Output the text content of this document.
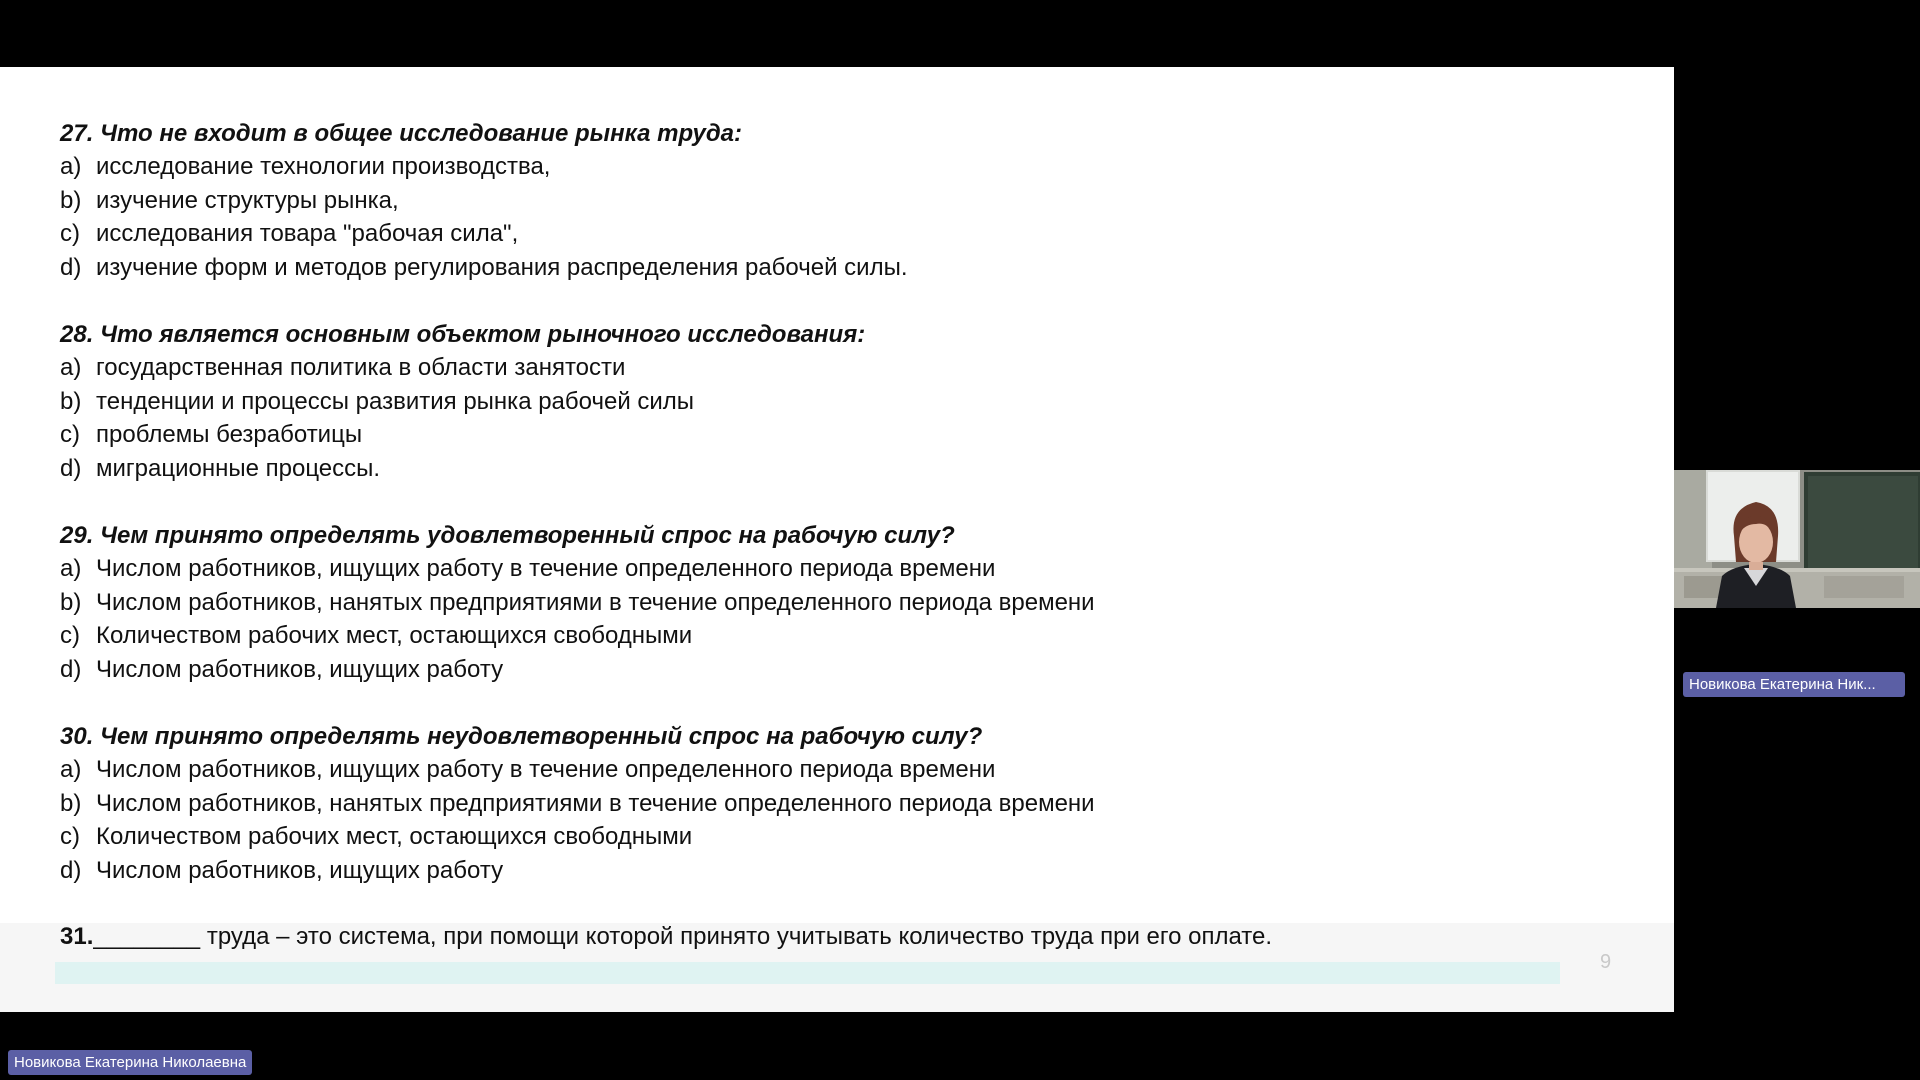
9
27. Что не входит в общее исследование рынка труда:
a) исследование технологии производства,
b) изучение структуры рынка,
c) исследования товара "рабочая сила",
d) изучение форм и методов регулирования распределения рабочей силы.
28. Что является основным объектом рыночного исследования:
a) государственная политика в области занятости
b) тенденции и процессы развития рынка рабочей силы
c) проблемы безработицы
d) миграционные процессы.
29. Чем принято определять удовлетворенный спрос на рабочую силу?
a) Числом работников, ищущих работу в течение определенного периода времени
b) Числом работников, нанятых предприятиями в течение определенного периода времени
c) Количеством рабочих мест, остающихся свободными
d) Числом работников, ищущих работу
30. Чем принято определять неудовлетворенный спрос на рабочую силу?
a) Числом работников, ищущих работу в течение определенного периода времени
b) Числом работников, нанятых предприятиями в течение определенного периода времени
c) Количеством рабочих мест, остающихся свободными
d) Числом работников, ищущих работу
31.________ труда – это система, при помощи которой принято учитывать количество труда при его оплате.
Новикова Екатерина Ник...
Новикова Екатерина Николаевна
